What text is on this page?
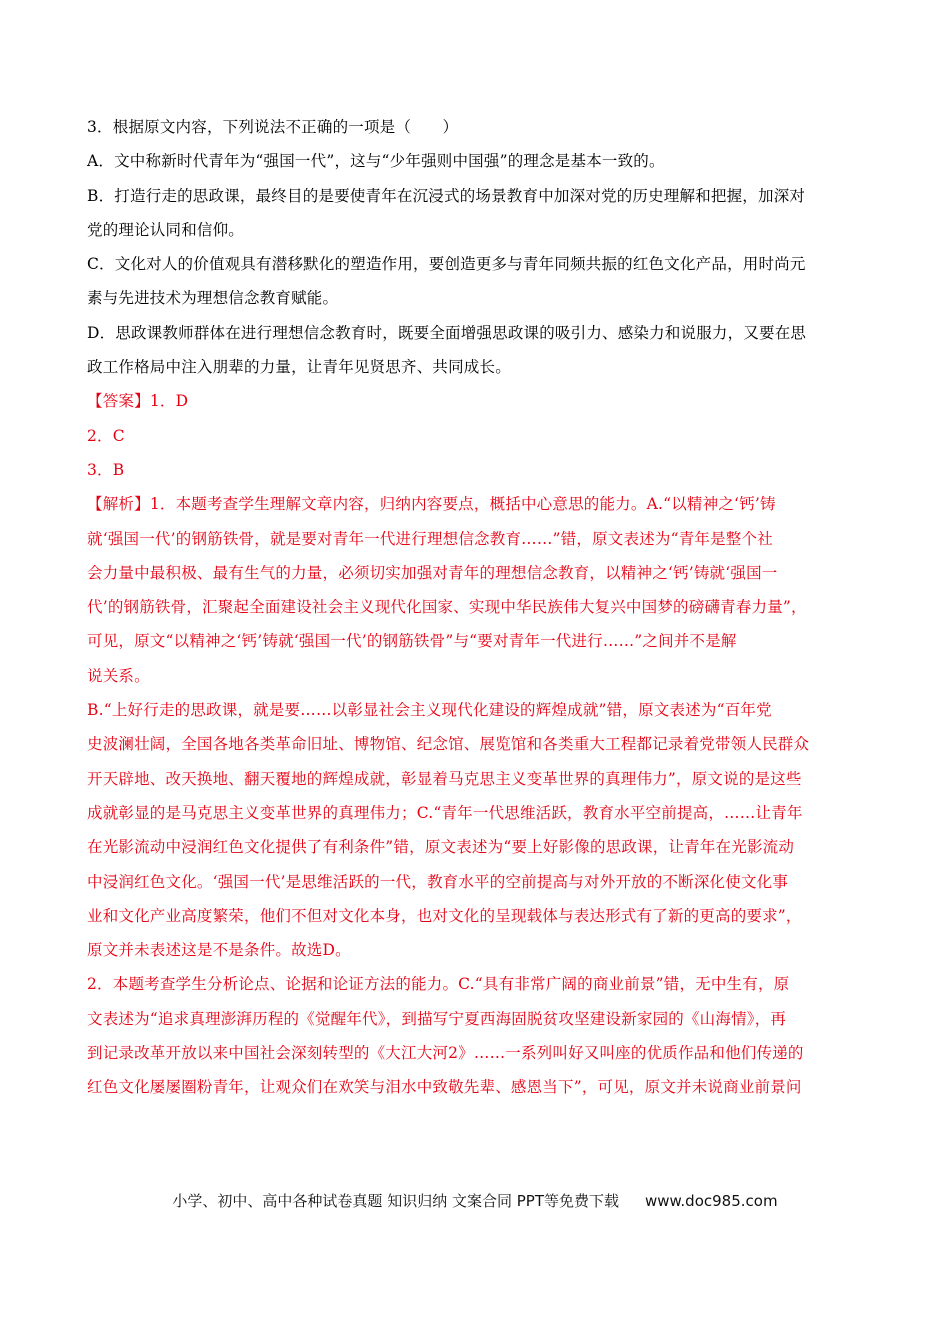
3．根据原文内容，下列说法不正确的一项是（　　）
A．文中称新时代青年为“强国一代”，这与“少年强则中国强”的理念是基本一致的。
B．打造行走的思政课，最终目的是要使青年在沉浸式的场景教育中加深对党的历史理解和把握，加深对
党的理论认同和信仰。
C．文化对人的价值观具有潜移默化的塑造作用，要创造更多与青年同频共振的红色文化产品，用时尚元
素与先进技术为理想信念教育赋能。
D．思政课教师群体在进行理想信念教育时，既要全面增强思政课的吸引力、感染力和说服力，又要在思
政工作格局中注入朋辈的力量，让青年见贤思齐、共同成长。
【答案】1．D
2．C
3．B
【解析】1．本题考查学生理解文章内容，归纳内容要点，概括中心意思的能力。A.“以精神之‘钙’铸
就‘强国一代’的钢筋铁骨，就是要对青年一代进行理想信念教育……”错，原文表述为“青年是整个社
会力量中最积极、最有生气的力量，必须切实加强对青年的理想信念教育，以精神之‘钙’铸就‘强国一
代’的钢筋铁骨，汇聚起全面建设社会主义现代化国家、实现中华民族伟大复兴中国梦的磅礴青春力量”，
可见，原文“以精神之‘钙’铸就‘强国一代’的钢筋铁骨”与“要对青年一代进行……”之间并不是解
说关系。
B.“上好行走的思政课，就是要……以彰显社会主义现代化建设的辉煌成就”错，原文表述为“百年党
史波澜壮阔，全国各地各类革命旧址、博物馆、纪念馆、展览馆和各类重大工程都记录着党带领人民群众
开天辟地、改天换地、翻天覆地的辉煌成就，彰显着马克思主义变革世界的真理伟力”，原文说的是这些
成就彰显的是马克思主义变革世界的真理伟力；C.“青年一代思维活跃，教育水平空前提高，……让青年
在光影流动中浸润红色文化提供了有利条件”错，原文表述为“要上好影像的思政课，让青年在光影流动
中浸润红色文化。‘强国一代’是思维活跃的一代，教育水平的空前提高与对外开放的不断深化使文化事
业和文化产业高度繁荣，他们不但对文化本身，也对文化的呈现载体与表达形式有了新的更高的要求”，
原文并未表述这是不是条件。故选D。
2．本题考查学生分析论点、论据和论证方法的能力。C.“具有非常广阔的商业前景”错，无中生有，原
文表述为“追求真理澎湃历程的《觉醒年代》，到描写宁夏西海固脱贫攻坚建设新家园的《山海情》，再
到记录改革开放以来中国社会深刻转型的《大江大河2》……一系列叫好又叫座的优质作品和他们传递的
红色文化屡屡圈粉青年，让观众们在欢笑与泪水中致敬先辈、感恩当下”，可见，原文并未说商业前景问
小学、初中、高中各种试卷真题 知识归纳 文案合同 PPT等免费下载 www.doc985.com
